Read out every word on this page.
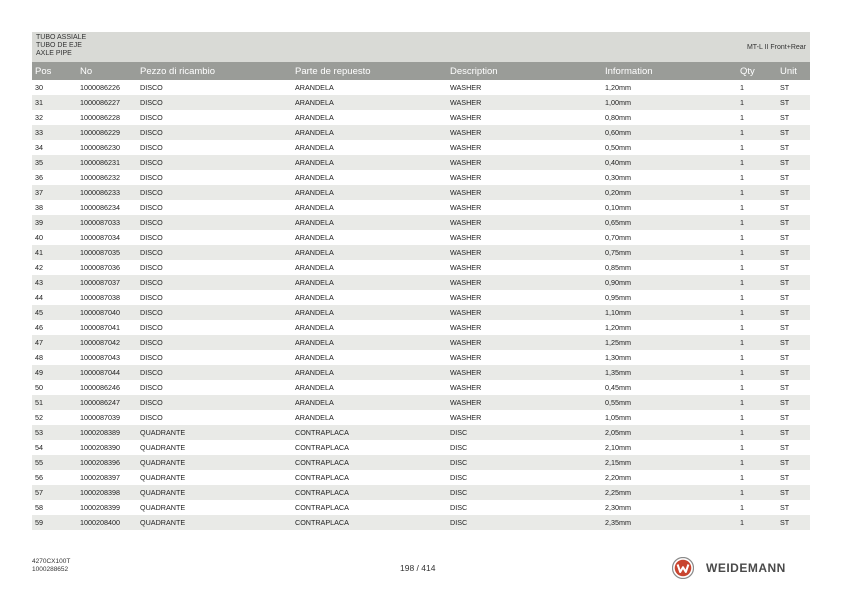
TUBO ASSIALE
TUBO DE EJE
AXLE PIPE
MT-L II Front+Rear
Pos	No	Pezzo di ricambio	Parte de repuesto	Description	Information	Qty	Unit
30	1000086226	DISCO	ARANDELA	WASHER	1,20mm	1	ST
31	1000086227	DISCO	ARANDELA	WASHER	1,00mm	1	ST
32	1000086228	DISCO	ARANDELA	WASHER	0,80mm	1	ST
33	1000086229	DISCO	ARANDELA	WASHER	0,60mm	1	ST
34	1000086230	DISCO	ARANDELA	WASHER	0,50mm	1	ST
35	1000086231	DISCO	ARANDELA	WASHER	0,40mm	1	ST
36	1000086232	DISCO	ARANDELA	WASHER	0,30mm	1	ST
37	1000086233	DISCO	ARANDELA	WASHER	0,20mm	1	ST
38	1000086234	DISCO	ARANDELA	WASHER	0,10mm	1	ST
39	1000087033	DISCO	ARANDELA	WASHER	0,65mm	1	ST
40	1000087034	DISCO	ARANDELA	WASHER	0,70mm	1	ST
41	1000087035	DISCO	ARANDELA	WASHER	0,75mm	1	ST
42	1000087036	DISCO	ARANDELA	WASHER	0,85mm	1	ST
43	1000087037	DISCO	ARANDELA	WASHER	0,90mm	1	ST
44	1000087038	DISCO	ARANDELA	WASHER	0,95mm	1	ST
45	1000087040	DISCO	ARANDELA	WASHER	1,10mm	1	ST
46	1000087041	DISCO	ARANDELA	WASHER	1,20mm	1	ST
47	1000087042	DISCO	ARANDELA	WASHER	1,25mm	1	ST
48	1000087043	DISCO	ARANDELA	WASHER	1,30mm	1	ST
49	1000087044	DISCO	ARANDELA	WASHER	1,35mm	1	ST
50	1000086246	DISCO	ARANDELA	WASHER	0,45mm	1	ST
51	1000086247	DISCO	ARANDELA	WASHER	0,55mm	1	ST
52	1000087039	DISCO	ARANDELA	WASHER	1,05mm	1	ST
53	1000208389	QUADRANTE	CONTRAPLACA	DISC	2,05mm	1	ST
54	1000208390	QUADRANTE	CONTRAPLACA	DISC	2,10mm	1	ST
55	1000208396	QUADRANTE	CONTRAPLACA	DISC	2,15mm	1	ST
56	1000208397	QUADRANTE	CONTRAPLACA	DISC	2,20mm	1	ST
57	1000208398	QUADRANTE	CONTRAPLACA	DISC	2,25mm	1	ST
58	1000208399	QUADRANTE	CONTRAPLACA	DISC	2,30mm	1	ST
59	1000208400	QUADRANTE	CONTRAPLACA	DISC	2,35mm	1	ST
4270CX100T
1000288652	198 / 414	WEIDEMANN
